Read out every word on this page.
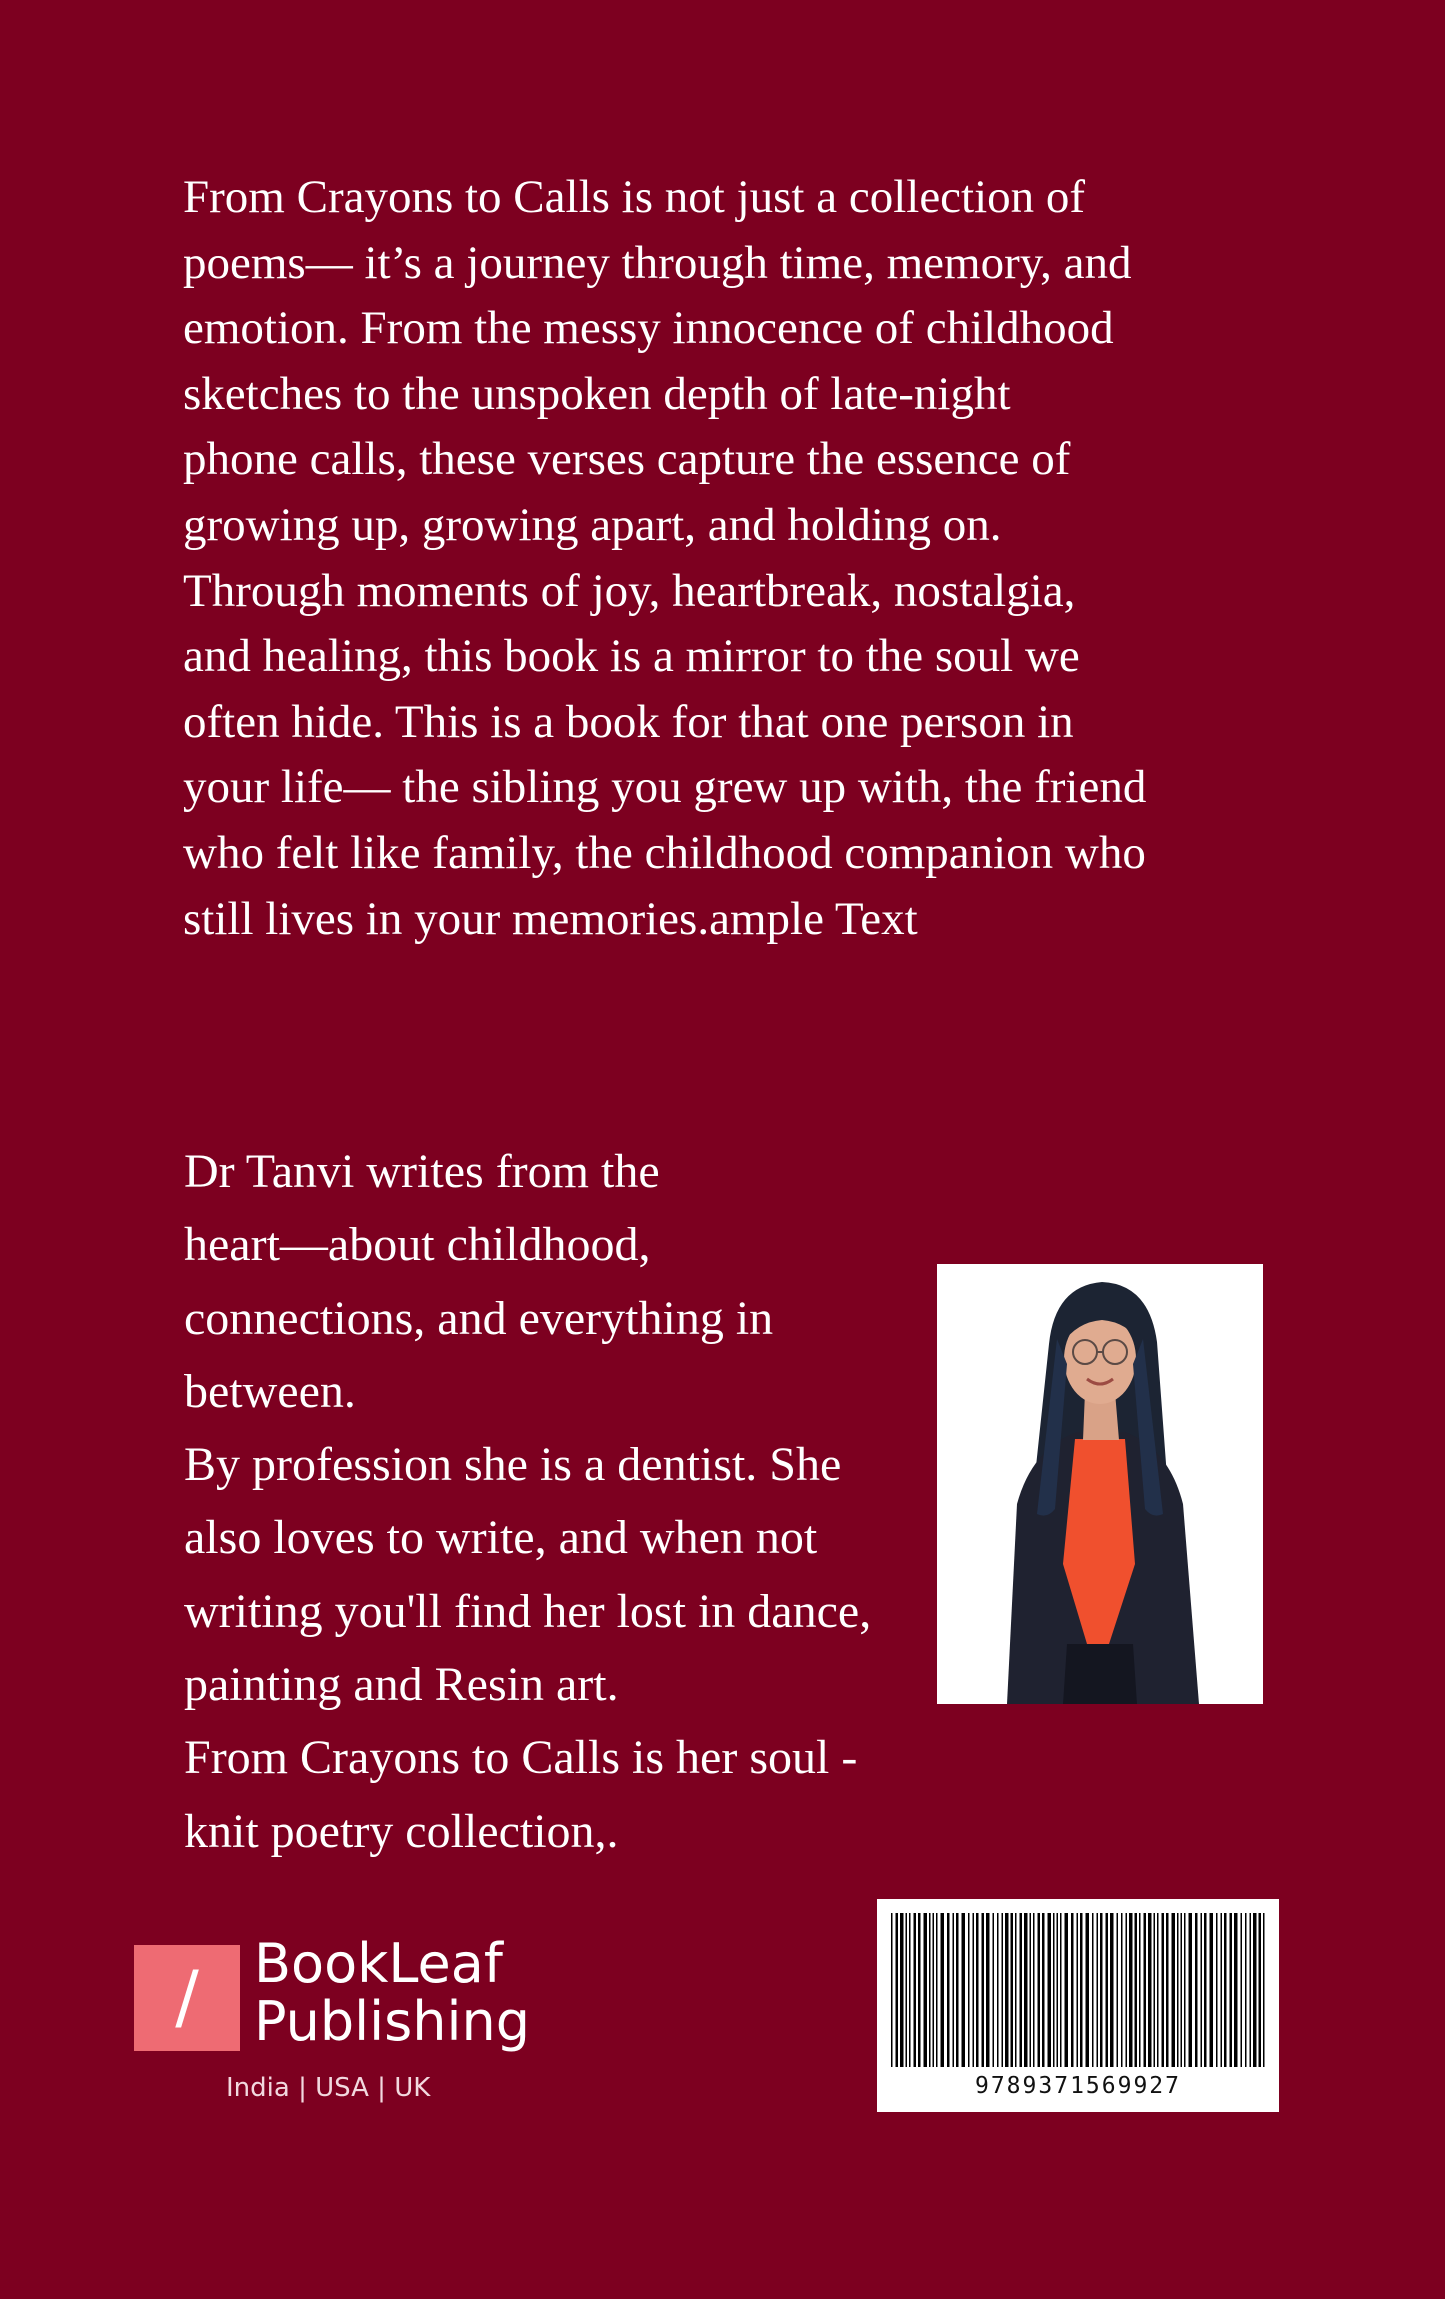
From Crayons to Calls is not just a collection of
poems— it’s a journey through time, memory, and
emotion. From the messy innocence of childhood
sketches to the unspoken depth of late-night
phone calls, these verses capture the essence of
growing up, growing apart, and holding on.
Through moments of joy, heartbreak, nostalgia,
and healing, this book is a mirror to the soul we
often hide. This is a book for that one person in
your life— the sibling you grew up with, the friend
who felt like family, the childhood companion who
still lives in your memories.ample Text
Dr Tanvi writes from the
heart—about childhood,
connections, and everything in
between.
By profession she is a dentist. She
also loves to write, and when not
writing you'll find her lost in dance,
painting and Resin art.
From Crayons to Calls is her soul -
knit poetry collection,.
/	BookLeaf
Publishing
India | USA | UK	9789371569927
